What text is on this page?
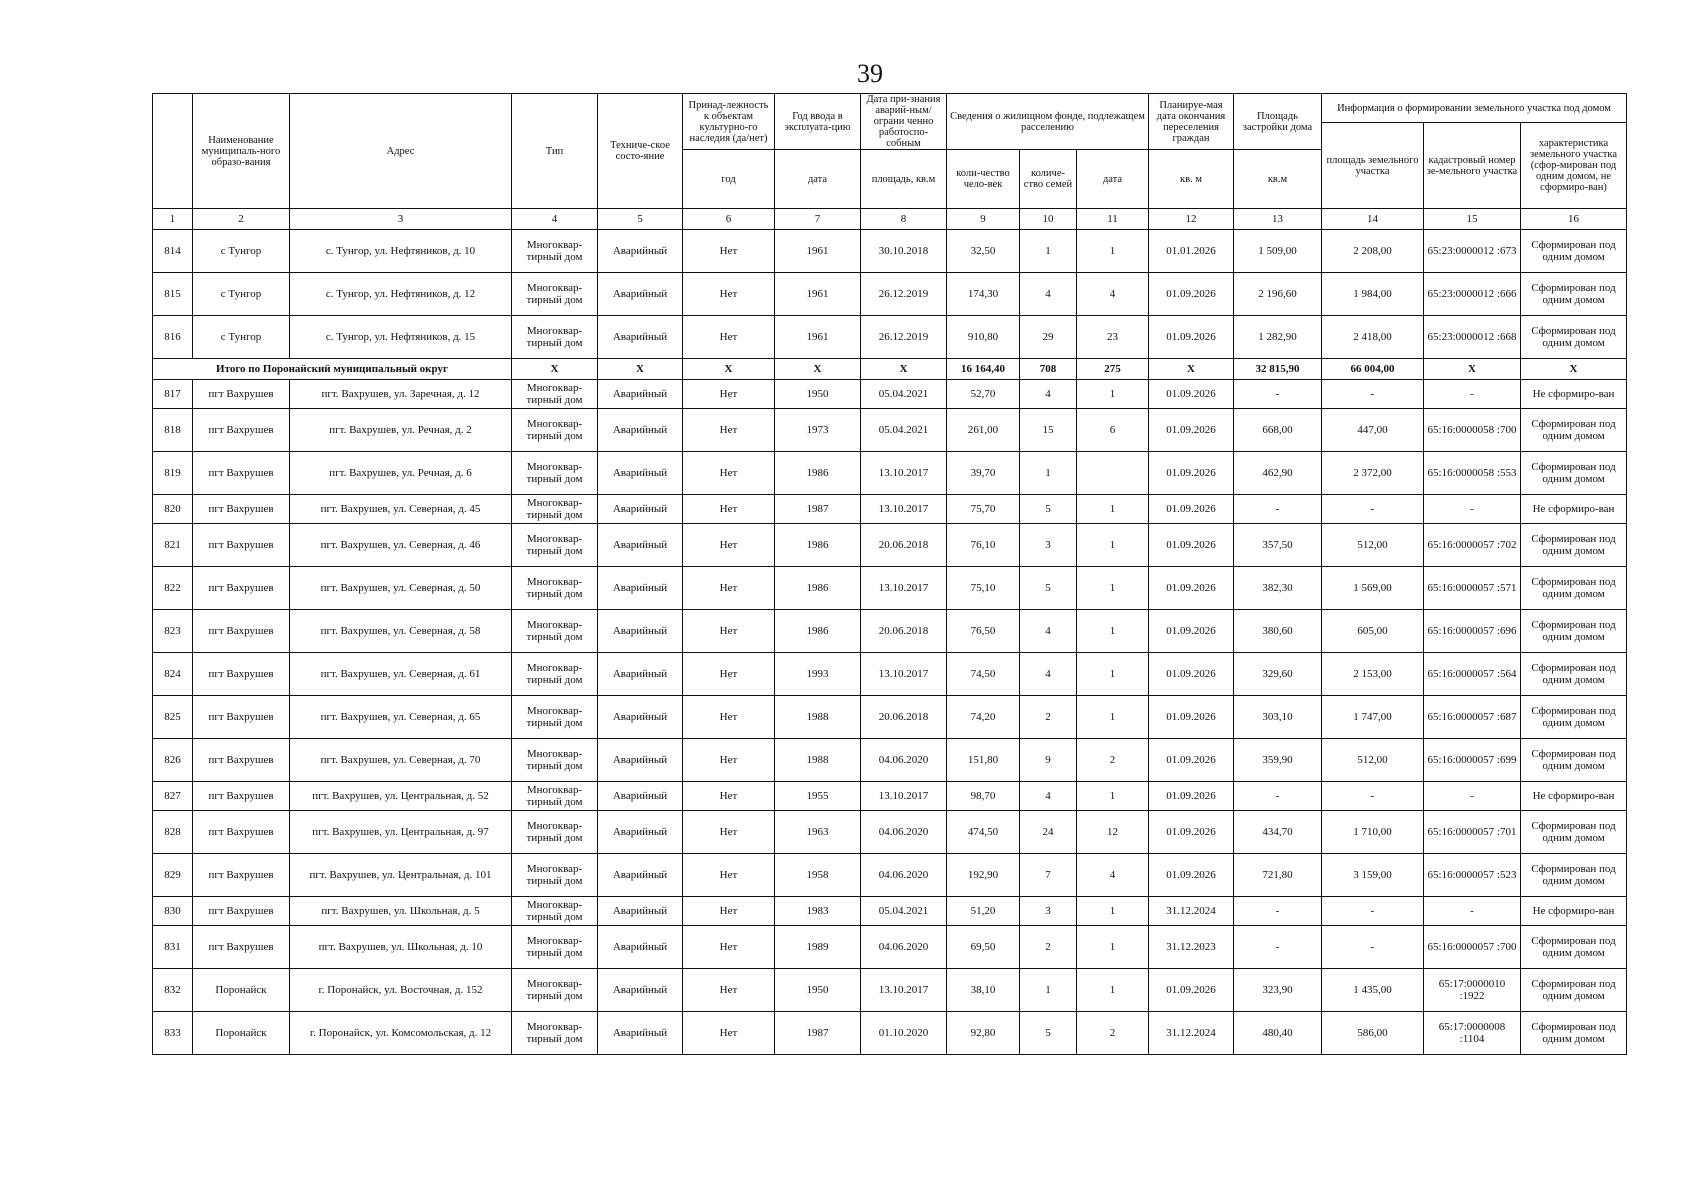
39
	Наименование муниципаль-ного образо-вания	Адрес	Тип	Техниче-ское состо-яние	Принад-лежность к объектам культурно-го наследия (да/нет)	Год ввода в эксплуата-цию	Дата при-знания аварий-ным/ограни ченно работоспо-собным	Сведения о жилищном фонде, подлежащем расселению			Планируе-мая дата окончания переселения граждан	Площадь застройки дома	Информация о формировании земельного участка под домом		
													площадь земельного участка	кадастровый номер зе-мельного участка	характеристика земельного участка (сфор-мирован под одним домом, не сформиро-ван)
					год	дата	площадь, кв.м	коли-чество чело-век	количе-ство семей	дата	кв. м	кв.м			
1	2	3	4	5	6	7	8	9	10	11	12	13	14	15	16
814	с Тунгор	с. Тунгор, ул. Нефтяников, д. 10	Многоквар-тирный дом	Аварийный	Нет	1961	30.10.2018	32,50	1	1	01.01.2026	1 509,00	2 208,00	65:23:0000012 :673	Сформирован под одним домом
815	с Тунгор	с. Тунгор, ул. Нефтяников, д. 12	Многоквар-тирный дом	Аварийный	Нет	1961	26.12.2019	174,30	4	4	01.09.2026	2 196,60	1 984,00	65:23:0000012 :666	Сформирован под одним домом
816	с Тунгор	с. Тунгор, ул. Нефтяников, д. 15	Многоквар-тирный дом	Аварийный	Нет	1961	26.12.2019	910,80	29	23	01.09.2026	1 282,90	2 418,00	65:23:0000012 :668	Сформирован под одним домом
Итого по Поронайский муниципальный округ			X	X	X	X	X	16 164,40	708	275	X	32 815,90	66 004,00	X	X
817	пгт Вахрушев	пгт. Вахрушев, ул. Заречная, д. 12	Многоквар-тирный дом	Аварийный	Нет	1950	05.04.2021	52,70	4	1	01.09.2026	-	-	-	Не сформиро-ван
818	пгт Вахрушев	пгт. Вахрушев, ул. Речная, д. 2	Многоквар-тирный дом	Аварийный	Нет	1973	05.04.2021	261,00	15	6	01.09.2026	668,00	447,00	65:16:0000058 :700	Сформирован под одним домом
819	пгт Вахрушев	пгт. Вахрушев, ул. Речная, д. 6	Многоквар-тирный дом	Аварийный	Нет	1986	13.10.2017	39,70	1		01.09.2026	462,90	2 372,00	65:16:0000058 :553	Сформирован под одним домом
820	пгт Вахрушев	пгт. Вахрушев, ул. Северная, д. 45	Многоквар-тирный дом	Аварийный	Нет	1987	13.10.2017	75,70	5	1	01.09.2026	-	-	-	Не сформиро-ван
821	пгт Вахрушев	пгт. Вахрушев, ул. Северная, д. 46	Многоквар-тирный дом	Аварийный	Нет	1986	20.06.2018	76,10	3	1	01.09.2026	357,50	512,00	65:16:0000057 :702	Сформирован под одним домом
822	пгт Вахрушев	пгт. Вахрушев, ул. Северная, д. 50	Многоквар-тирный дом	Аварийный	Нет	1986	13.10.2017	75,10	5	1	01.09.2026	382,30	1 569,00	65:16:0000057 :571	Сформирован под одним домом
823	пгт Вахрушев	пгт. Вахрушев, ул. Северная, д. 58	Многоквар-тирный дом	Аварийный	Нет	1986	20.06.2018	76,50	4	1	01.09.2026	380,60	605,00	65:16:0000057 :696	Сформирован под одним домом
824	пгт Вахрушев	пгт. Вахрушев, ул. Северная, д. 61	Многоквар-тирный дом	Аварийный	Нет	1993	13.10.2017	74,50	4	1	01.09.2026	329,60	2 153,00	65:16:0000057 :564	Сформирован под одним домом
825	пгт Вахрушев	пгт. Вахрушев, ул. Северная, д. 65	Многоквар-тирный дом	Аварийный	Нет	1988	20.06.2018	74,20	2	1	01.09.2026	303,10	1 747,00	65:16:0000057 :687	Сформирован под одним домом
826	пгт Вахрушев	пгт. Вахрушев, ул. Северная, д. 70	Многоквар-тирный дом	Аварийный	Нет	1988	04.06.2020	151,80	9	2	01.09.2026	359,90	512,00	65:16:0000057 :699	Сформирован под одним домом
827	пгт Вахрушев	пгт. Вахрушев, ул. Центральная, д. 52	Многоквар-тирный дом	Аварийный	Нет	1955	13.10.2017	98,70	4	1	01.09.2026	-	-	-	Не сформиро-ван
828	пгт Вахрушев	пгт. Вахрушев, ул. Центральная, д. 97	Многоквар-тирный дом	Аварийный	Нет	1963	04.06.2020	474,50	24	12	01.09.2026	434,70	1 710,00	65:16:0000057 :701	Сформирован под одним домом
829	пгт Вахрушев	пгт. Вахрушев, ул. Центральная, д. 101	Многоквар-тирный дом	Аварийный	Нет	1958	04.06.2020	192,90	7	4	01.09.2026	721,80	3 159,00	65:16:0000057 :523	Сформирован под одним домом
830	пгт Вахрушев	пгт. Вахрушев, ул. Школьная, д. 5	Многоквар-тирный дом	Аварийный	Нет	1983	05.04.2021	51,20	3	1	31.12.2024	-	-	-	Не сформиро-ван
831	пгт Вахрушев	пгт. Вахрушев, ул. Школьная, д. 10	Многоквар-тирный дом	Аварийный	Нет	1989	04.06.2020	69,50	2	1	31.12.2023	-	-	65:16:0000057 :700	Сформирован под одним домом
832	Поронайск	г. Поронайск, ул. Восточная, д. 152	Многоквар-тирный дом	Аварийный	Нет	1950	13.10.2017	38,10	1	1	01.09.2026	323,90	1 435,00	65:17:0000010 :1922	Сформирован под одним домом
833	Поронайск	г. Поронайск, ул. Комсомольская, д. 12	Многоквар-тирный дом	Аварийный	Нет	1987	01.10.2020	92,80	5	2	31.12.2024	480,40	586,00	65:17:0000008 :1104	Сформирован под одним домом
